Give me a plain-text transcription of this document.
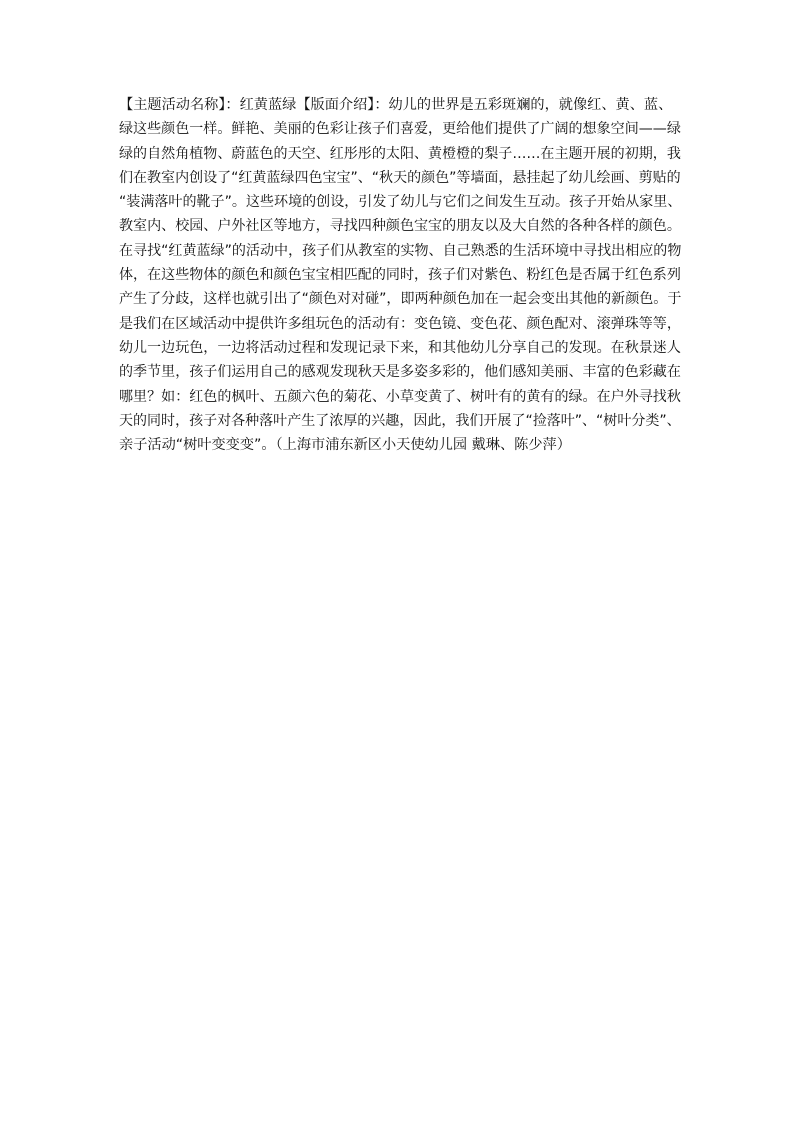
【主题活动名称】：红黄蓝绿【版面介绍】：幼儿的世界是五彩斑斓的，就像红、黄、蓝、
绿这些颜色一样。鲜艳、美丽的色彩让孩子们喜爱，更给他们提供了广阔的想象空间——绿
绿的自然角植物、蔚蓝色的天空、红彤彤的太阳、黄橙橙的梨子……在主题开展的初期，我
们在教室内创设了“红黄蓝绿四色宝宝”、“秋天的颜色”等墙面，悬挂起了幼儿绘画、剪贴的
“装满落叶的靴子”。这些环境的创设，引发了幼儿与它们之间发生互动。孩子开始从家里、
教室内、校园、户外社区等地方，寻找四种颜色宝宝的朋友以及大自然的各种各样的颜色。
在寻找“红黄蓝绿”的活动中，孩子们从教室的实物、自己熟悉的生活环境中寻找出相应的物
体，在这些物体的颜色和颜色宝宝相匹配的同时，孩子们对紫色、粉红色是否属于红色系列
产生了分歧，这样也就引出了“颜色对对碰”，即两种颜色加在一起会变出其他的新颜色。于
是我们在区域活动中提供许多组玩色的活动有：变色镜、变色花、颜色配对、滚弹珠等等，
幼儿一边玩色，一边将活动过程和发现记录下来，和其他幼儿分享自己的发现。在秋景迷人
的季节里，孩子们运用自己的感观发现秋天是多姿多彩的，他们感知美丽、丰富的色彩藏在
哪里？如：红色的枫叶、五颜六色的菊花、小草变黄了、树叶有的黄有的绿。在户外寻找秋
天的同时，孩子对各种落叶产生了浓厚的兴趣，因此，我们开展了“捡落叶”、“树叶分类”、
亲子活动“树叶变变变”。（上海市浦东新区小天使幼儿园 戴琳、陈少萍）
